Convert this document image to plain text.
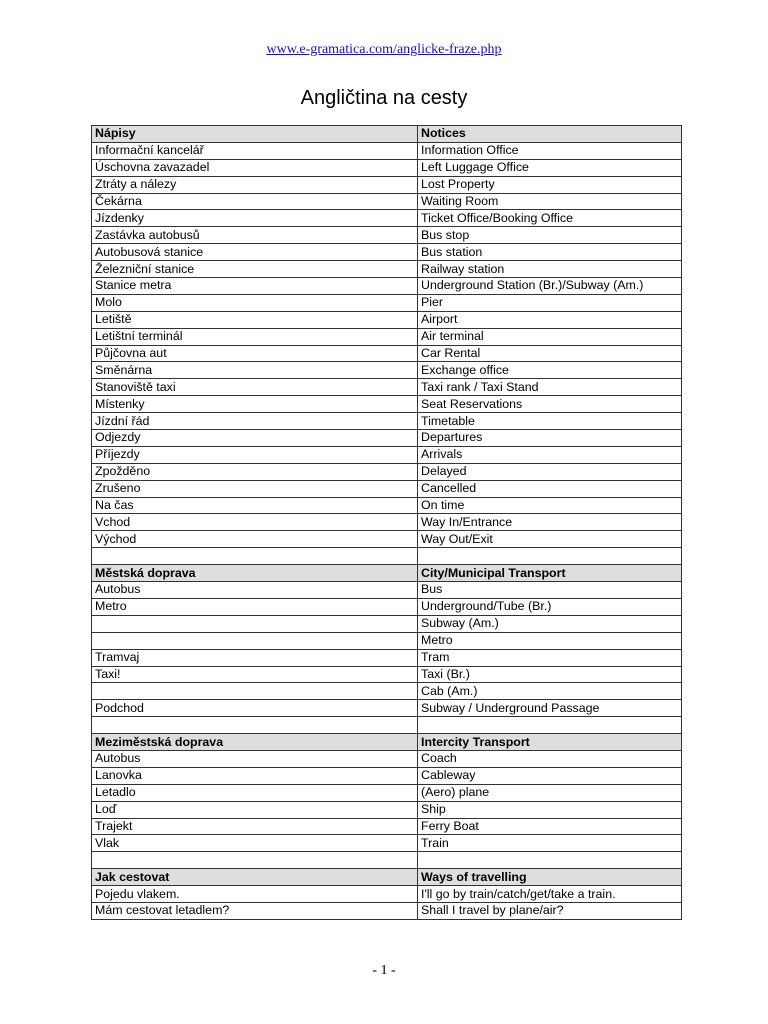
www.e-gramatica.com/anglicke-fraze.php
Angličtina na cesty
Nápisy	Notices
Informační kancelář	Information Office
Úschovna zavazadel	Left Luggage Office
Ztráty a nálezy	Lost Property
Čekárna	Waiting Room
Jízdenky	Ticket Office/Booking Office
Zastávka autobusů	Bus stop
Autobusová stanice	Bus station
Železniční stanice	Railway station
Stanice metra	Underground Station (Br.)/Subway (Am.)
Molo	Pier
Letiště	Airport
Letištní terminál	Air terminal
Půjčovna aut	Car Rental
Směnárna	Exchange office
Stanoviště taxi	Taxi rank / Taxi Stand
Místenky	Seat Reservations
Jízdní řád	Timetable
Odjezdy	Departures
Příjezdy	Arrivals
Zpožděno	Delayed
Zrušeno	Cancelled
Na čas	On time
Vchod	Way In/Entrance
Východ	Way Out/Exit

Městská doprava	City/Municipal Transport
Autobus	Bus
Metro	Underground/Tube (Br.)
	Subway (Am.)
	Metro
Tramvaj	Tram
Taxi!	Taxi (Br.)
	Cab (Am.)
Podchod	Subway / Underground Passage

Meziměstská doprava	Intercity Transport
Autobus	Coach
Lanovka	Cableway
Letadlo	(Aero) plane
Loď	Ship
Trajekt	Ferry Boat
Vlak	Train

Jak cestovat	Ways of travelling
Pojedu vlakem.	I'll go by train/catch/get/take a train.
Mám cestovat letadlem?	Shall I travel by plane/air?
- 1 -
